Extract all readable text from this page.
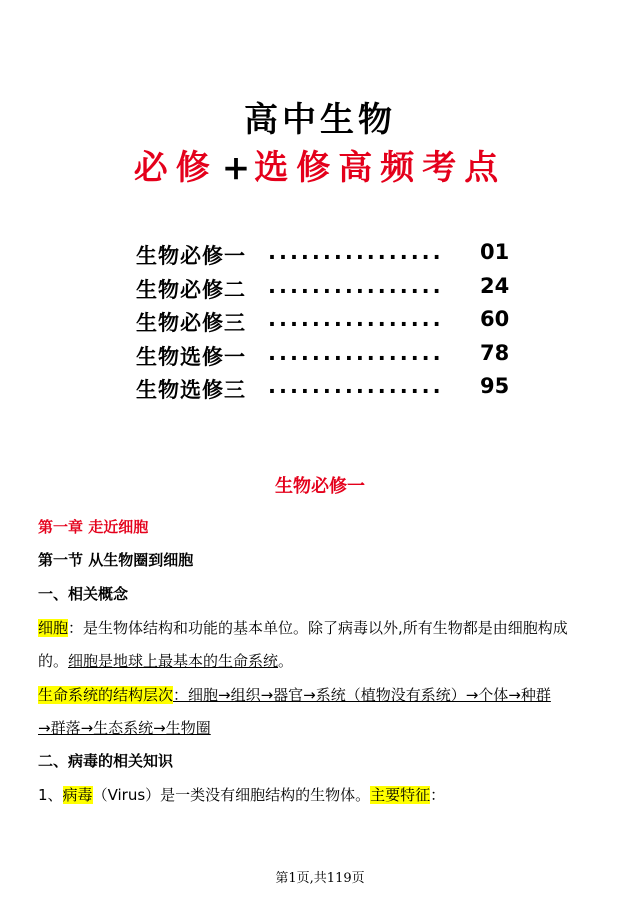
高中生物
必修 + 选修高频考点
生物必修一 ................ 01
生物必修二 ................ 24
生物必修三 ................ 60
生物选修一 ................ 78
生物选修三 ................ 95
生物必修一
第一章 走近细胞
第一节 从生物圈到细胞
一、相关概念
细胞：是生物体结构和功能的基本单位。除了病毒以外,所有生物都是由细胞构成
的。细胞是地球上最基本的生命系统。
生命系统的结构层次：细胞→组织→器官→系统（植物没有系统）→个体→种群
→群落→生态系统→生物圈
二、病毒的相关知识
1、病毒（Virus）是一类没有细胞结构的生物体。主要特征：
第1页,共119页
